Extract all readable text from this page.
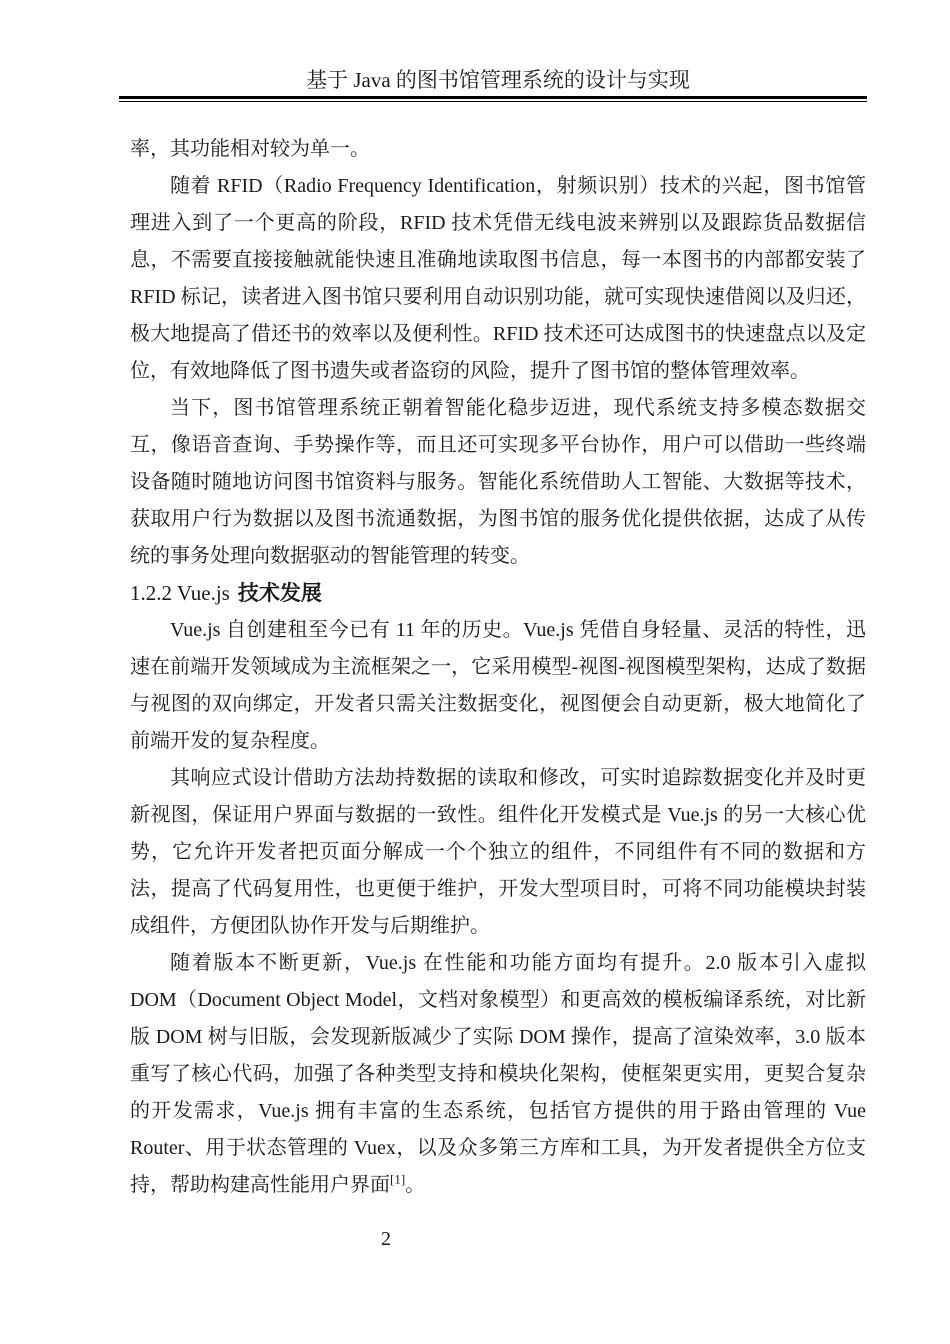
基于 Java 的图书馆管理系统的设计与实现

率，其功能相对较为单一。

随着 RFID（Radio Frequency Identification，射频识别）技术的兴起，图书馆管理进入到了一个更高的阶段，RFID 技术凭借无线电波来辨别以及跟踪货品数据信息，不需要直接接触就能快速且准确地读取图书信息，每一本图书的内部都安装了 RFID 标记，读者进入图书馆只要利用自动识别功能，就可实现快速借阅以及归还，极大地提高了借还书的效率以及便利性。RFID 技术还可达成图书的快速盘点以及定位，有效地降低了图书遗失或者盗窃的风险，提升了图书馆的整体管理效率。

当下，图书馆管理系统正朝着智能化稳步迈进，现代系统支持多模态数据交互，像语音查询、手势操作等，而且还可实现多平台协作，用户可以借助一些终端设备随时随地访问图书馆资料与服务。智能化系统借助人工智能、大数据等技术，获取用户行为数据以及图书流通数据，为图书馆的服务优化提供依据，达成了从传统的事务处理向数据驱动的智能管理的转变。

1.2.2 Vue.js 技术发展

Vue.js 自创建租至今已有 11 年的历史。Vue.js 凭借自身轻量、灵活的特性，迅速在前端开发领域成为主流框架之一，它采用模型-视图-视图模型架构，达成了数据与视图的双向绑定，开发者只需关注数据变化，视图便会自动更新，极大地简化了前端开发的复杂程度。

其响应式设计借助方法劫持数据的读取和修改，可实时追踪数据变化并及时更新视图，保证用户界面与数据的一致性。组件化开发模式是 Vue.js 的另一大核心优势，它允许开发者把页面分解成一个个独立的组件，不同组件有不同的数据和方法，提高了代码复用性，也更便于维护，开发大型项目时，可将不同功能模块封装成组件，方便团队协作开发与后期维护。

随着版本不断更新，Vue.js 在性能和功能方面均有提升。2.0 版本引入虚拟 DOM（Document Object Model，文档对象模型）和更高效的模板编译系统，对比新版 DOM 树与旧版，会发现新版减少了实际 DOM 操作，提高了渲染效率，3.0 版本重写了核心代码，加强了各种类型支持和模块化架构，使框架更实用，更契合复杂的开发需求，Vue.js 拥有丰富的生态系统，包括官方提供的用于路由管理的 Vue Router、用于状态管理的 Vuex，以及众多第三方库和工具，为开发者提供全方位支持，帮助构建高性能用户界面[1]。

2
